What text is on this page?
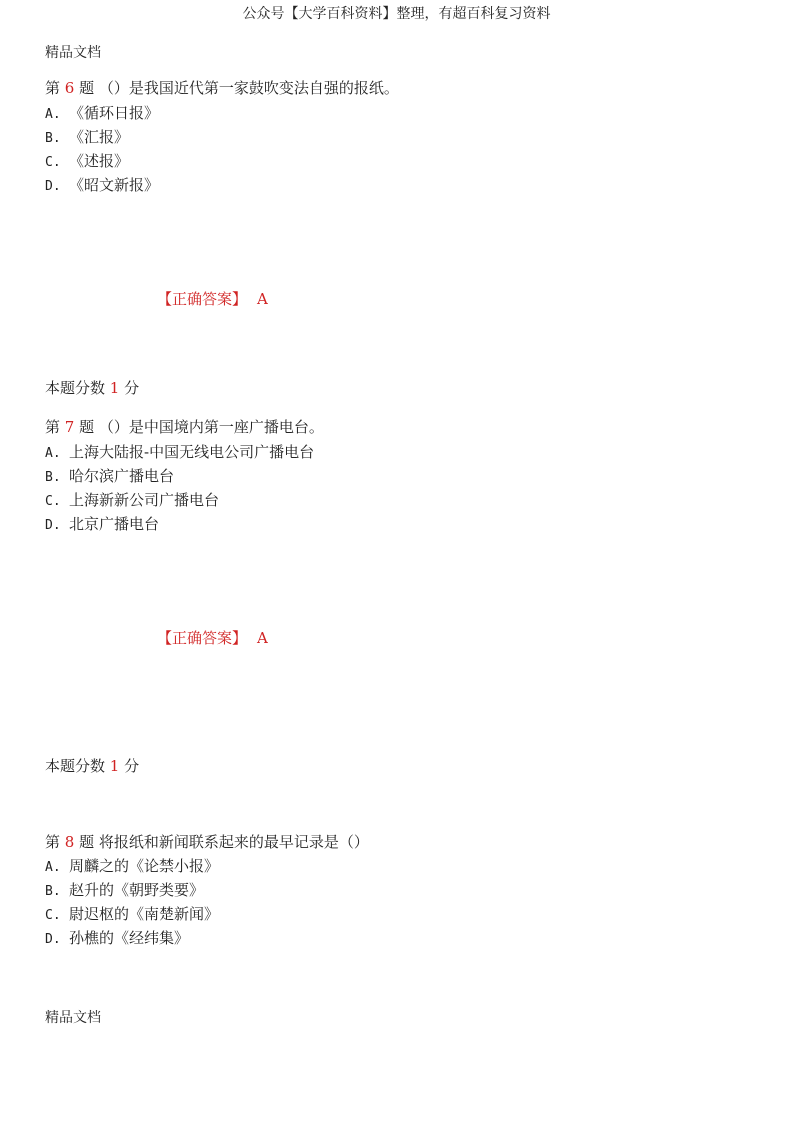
公众号【大学百科资料】整理，有超百科复习资料
精品文档
第 6 题 （）是我国近代第一家鼓吹变法自强的报纸。
A. 《循环日报》
B. 《汇报》
C. 《述报》
D. 《昭文新报》
【正确答案】 A
本题分数 1 分
第 7 题 （）是中国境内第一座广播电台。
A. 上海大陆报-中国无线电公司广播电台
B. 哈尔滨广播电台
C. 上海新新公司广播电台
D. 北京广播电台
【正确答案】 A
本题分数 1 分
第 8 题 将报纸和新闻联系起来的最早记录是（）
A. 周麟之的《论禁小报》
B. 赵升的《朝野类要》
C. 尉迟枢的《南楚新闻》
D. 孙樵的《经纬集》
精品文档
